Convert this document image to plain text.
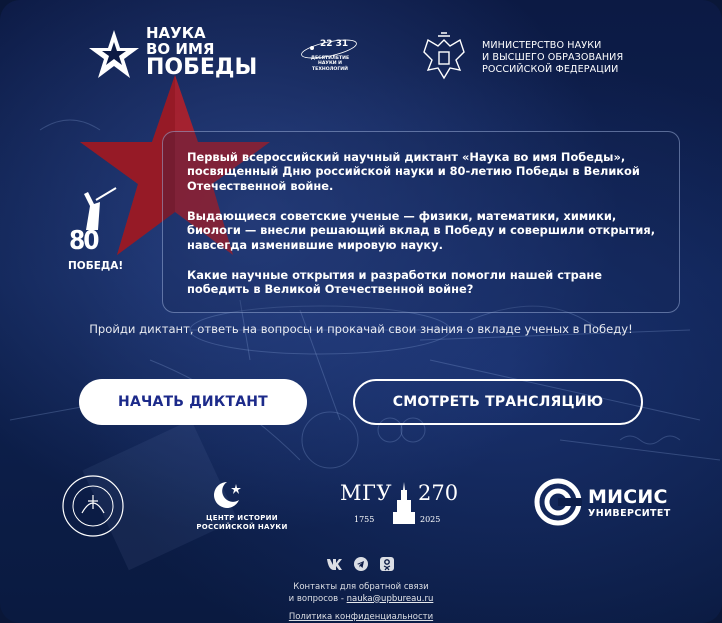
НАУКА
ВО ИМЯ
ПОБЕДЫ
22 31
ДЕСЯТИЛЕТИЕ НАУКИ И ТЕХНОЛОГИЙ
МИНИСТЕРСТВО НАУКИ
И ВЫСШЕГО ОБРАЗОВАНИЯ
РОССИЙСКОЙ ФЕДЕРАЦИИ
80
ПОБЕДА!

Первый всероссийский научный диктант «Наука во имя Победы», посвященный Дню российской науки и 80-летию Победы в Великой Отечественной войне.

Выдающиеся советские ученые — физики, математики, химики, биологи — внесли решающий вклад в Победу и совершили открытия, навсегда изменившие мировую науку.

Какие научные открытия и разработки помогли нашей стране победить в Великой Отечественной войне?

Пройди диктант, ответь на вопросы и прокачай свои знания о вкладе ученых в Победу!
НАЧАТЬ ДИКТАНТ	СМОТРЕТЬ ТРАНСЛЯЦИЮ
ЦЕНТР ИСТОРИИ
РОССИЙСКОЙ НАУКИ
МГУ 270
1755	2025
МИСИС
УНИВЕРСИТЕТ
Контакты для обратной связи
и вопросов - nauka@upbureau.ru
Политика конфиденциальности
